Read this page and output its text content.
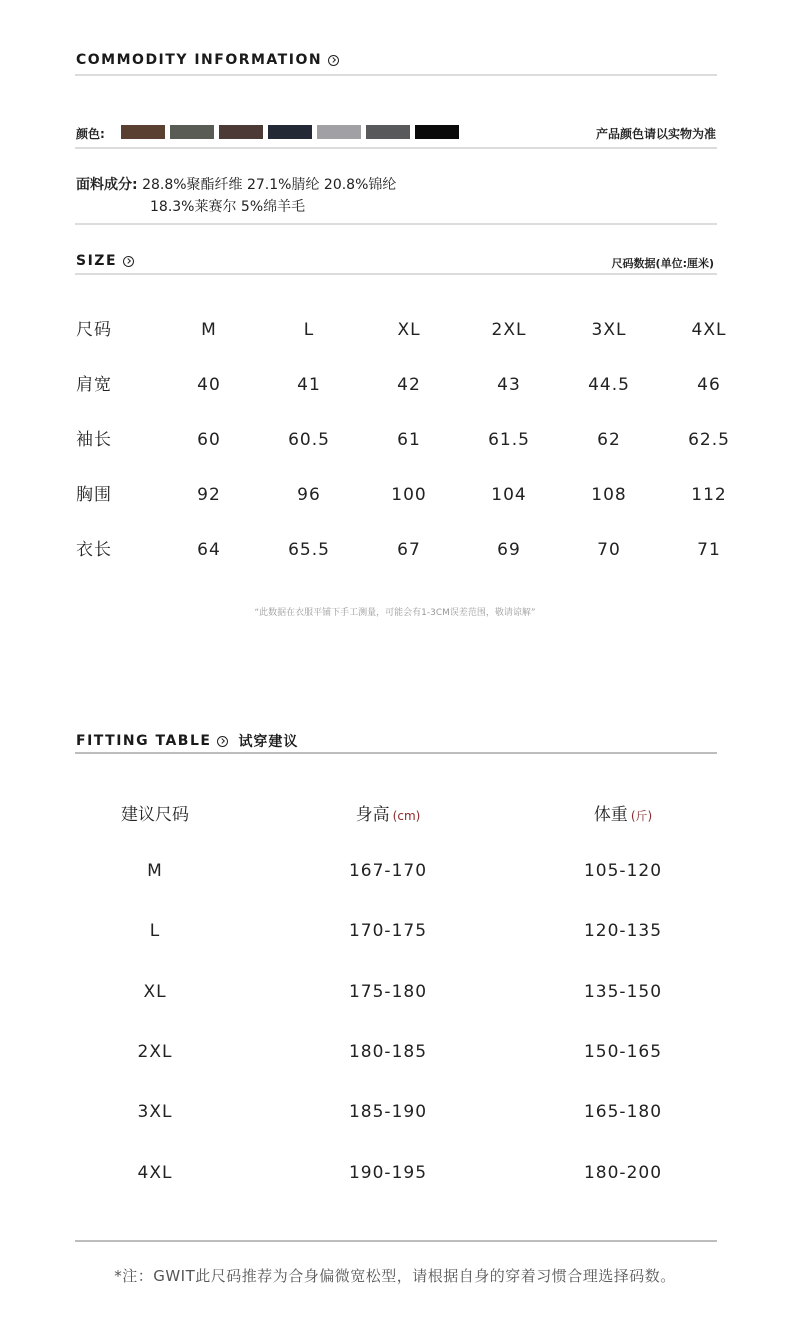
COMMODITY INFORMATION
颜色:	产品颜色请以实物为准
面料成分: 28.8%聚酯纤维 27.1%腈纶 20.8%锦纶
18.3%莱赛尔 5%绵羊毛
SIZE	尺码数据(单位:厘米)
尺码	M	L	XL	2XL	3XL	4XL
肩宽	40	41	42	43	44.5	46
袖长	60	60.5	61	61.5	62	62.5
胸围	92	96	100	104	108	112
衣长	64	65.5	67	69	70	71
“此数据在衣服平铺下手工测量，可能会有1-3CM误差范围，敬请谅解”
FITTING TABLE 试穿建议
建议尺码	身高 (cm)	体重 (斤)
M	167-170	105-120
L	170-175	120-135
XL	175-180	135-150
2XL	180-185	150-165
3XL	185-190	165-180
4XL	190-195	180-200
*注：GWIT此尺码推荐为合身偏微宽松型，请根据自身的穿着习惯合理选择码数。
